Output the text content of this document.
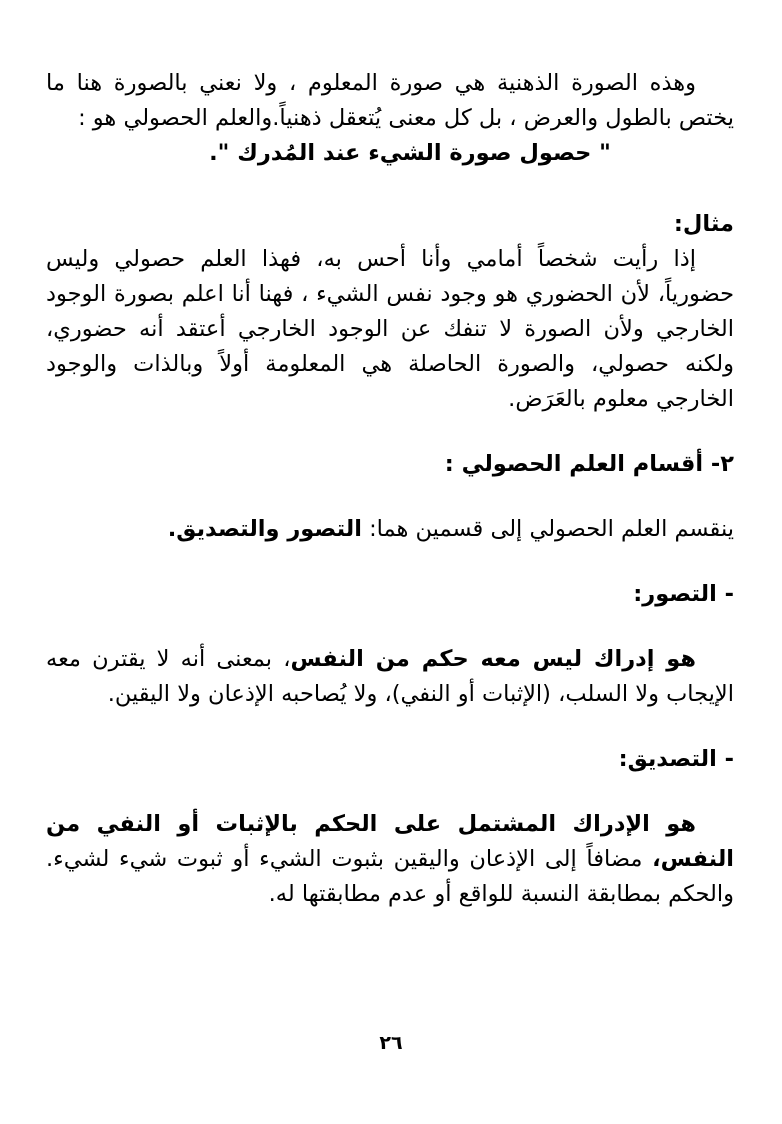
وهذه الصورة الذهنية هي صورة المعلوم ، ولا نعني بالصورة هنا ما يختص بالطول والعرض ، بل كل معنى يُتعقل ذهنياً.والعلم الحصولي هو :

" حصول صورة الشيء عند المُدرك ".

مثال:

إذا رأيت شخصاً أمامي وأنا أحس به، فهذا العلم حصولي وليس حضورياً، لأن الحضوري هو وجود نفس الشيء ، فهنا أنا اعلم بصورة الوجود الخارجي ولأن الصورة لا تنفك عن الوجود الخارجي أعتقد أنه حضوري، ولكنه حصولي، والصورة الحاصلة هي المعلومة أولاً وبالذات والوجود الخارجي معلوم بالعَرَض.

٢- أقسام العلم الحصولي :

ينقسم العلم الحصولي إلى قسمين هما: التصور والتصديق.

- التصور:

هو إدراك ليس معه حكم من النفس، بمعنى أنه لا يقترن معه الإيجاب ولا السلب، (الإثبات أو النفي)، ولا يُصاحبه الإذعان ولا اليقين.

- التصديق:

هو الإدراك المشتمل على الحكم بالإثبات أو النفي من النفس، مضافاً إلى الإذعان واليقين بثبوت الشيء أو ثبوت شيء لشيء. والحكم بمطابقة النسبة للواقع أو عدم مطابقتها له.

٢٦
